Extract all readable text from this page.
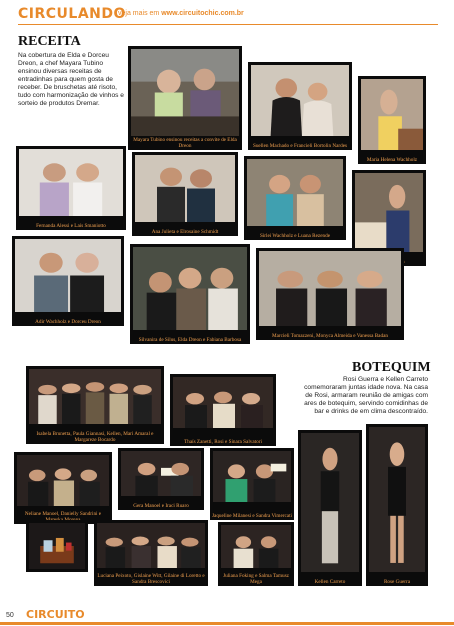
CIRCULANDO
veja mais em www.circuitochic.com.br
RECEITA
Na cobertura de Elda e Dorceu Dreon, a chef Mayara Tubino ensinou diversas receitas de entradinhas para quem gosta de receber. De bruschetas até risoto, tudo com harmonização de vinhos e sorteio de produtos Dremar.
Mayara Tubino ensinou receitas a convite de Elda Dreon	Suellen Machado e Francieli Bortolin Nardes
Maria Helena Wachholz
Fernanda Alessi e Laís Smaniotto
Ana Julieta e Elrosaine Schmidt
Sirlei Wachholz e Luana Rezende
Adir Wachholz e Dorceu Dreon
Silvanira de Silus, Elda Dreon e Fabiana Barbosa
Marcieli Tomazzeni, Monyca Almeida e Vanessa Badan
BOTEQUIM
Rosi Guerra e Kellen Carreto comemoraram juntas idade nova. Na casa de Rosi, armaram reunião de amigas com ares de botequim, servindo comidinhas de bar e drinks de em clima descontraído.
Isabela Brunetta, Paula Giannasi, Kellen, Mari Amaral e Margareze Bocardo	Thaís Zanetti, Rosi e Sinara Salvatori
Neliane Manoel, Danielly Sandrini e
Gera Manoel e Iraci Ruaro
Jaqueline Milanesi e Sandra Vimercati
Kellen Carreto	Rose Guerra
Luciana Peixoto, Gislaine Witt, Gilaine di Loretto e Sandra Brescovici
Juliana Foking e Salma Tamusz Mega
50 CIRCUITO
